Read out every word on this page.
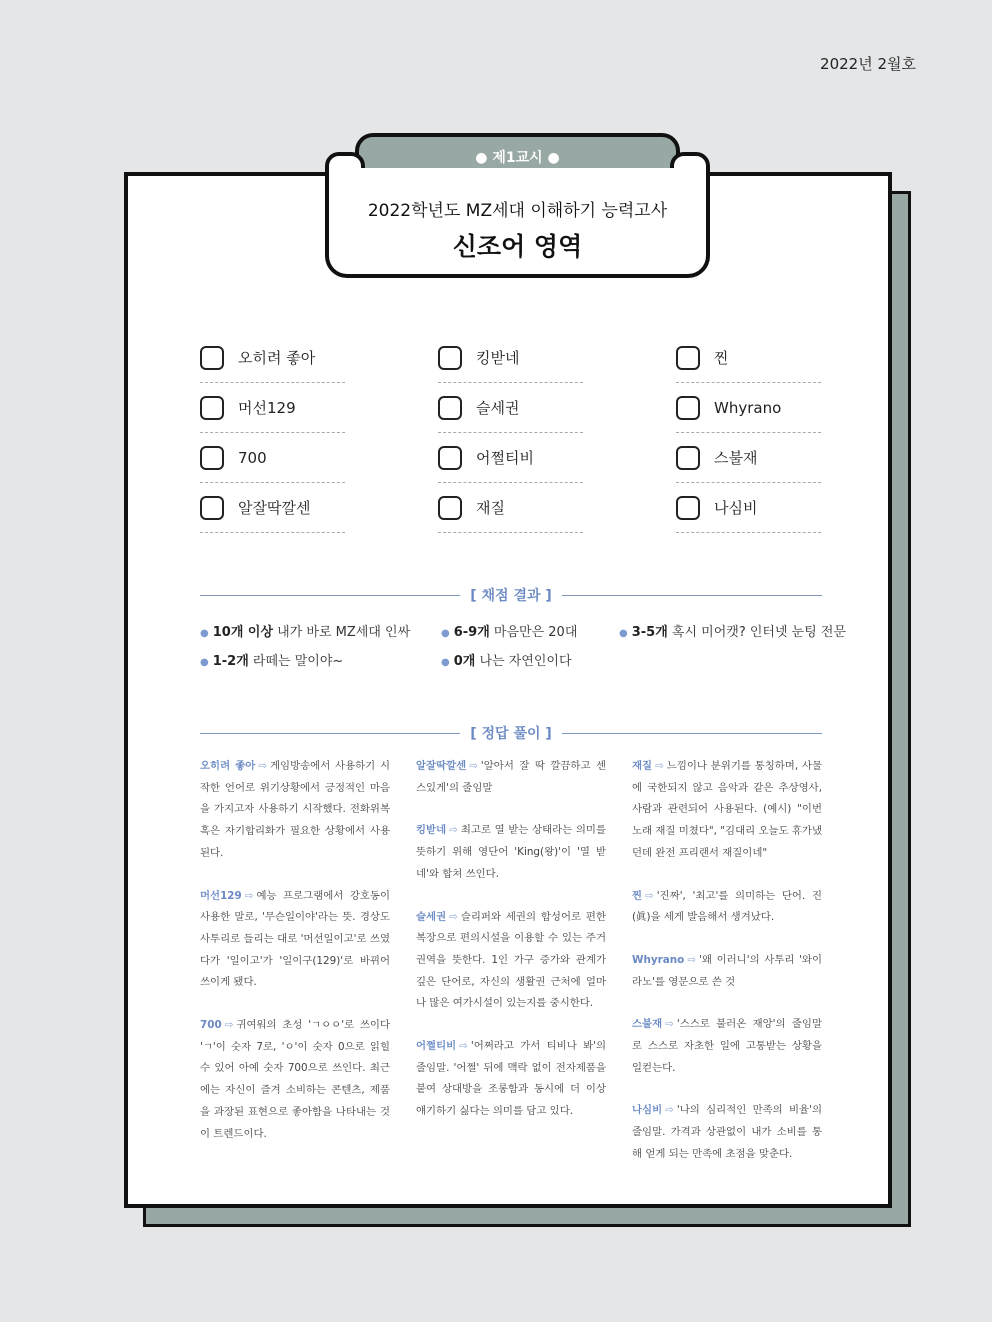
2022년 2월호
● 제1교시 ●
2022학년도 MZ세대 이해하기 능력고사
신조어 영역
오히려 좋아	킹받네	찐
머선129	슬세권	Whyrano
700	어쩔티비	스불재
알잘딱깔센	재질	나심비
[ 채점 결과 ]
● 10개 이상 내가 바로 MZ세대 인싸	● 6-9개 마음만은 20대	● 3-5개 혹시 미어캣? 인터넷 눈팅 전문
● 1-2개 라떼는 말이야~	● 0개 나는 자연인이다
[ 정답 풀이 ]

오히려 좋아 ⇨ 게임방송에서 사용하기 시작한 언어로 위기상황에서 긍정적인 마음을 가지고자 사용하기 시작했다. 전화위복 혹은 자기합리화가 필요한 상황에서 사용된다.

머선129 ⇨ 예능 프로그램에서 강호동이 사용한 말로, '무슨일이야'라는 뜻. 경상도 사투리로 들리는 대로 '머선일이고'로 쓰였다가 '일이고'가 '일이구(129)'로 바뀌어 쓰이게 됐다.

700 ⇨ 귀여워의 초성 'ㄱㅇㅇ'로 쓰이다 'ㄱ'이 숫자 7로, 'ㅇ'이 숫자 0으로 읽힐 수 있어 아예 숫자 700으로 쓰인다. 최근에는 자신이 즐겨 소비하는 콘텐츠, 제품을 과장된 표현으로 좋아함을 나타내는 것이 트렌드이다.

알잘딱깔센 ⇨ '알아서 잘 딱 깔끔하고 센스있게'의 줄임말

킹받네 ⇨ 최고로 열 받는 상태라는 의미를 뜻하기 위해 영단어 'King(왕)'이 '열 받네'와 합쳐 쓰인다.

슬세권 ⇨ 슬리퍼와 세권의 합성어로 편한 복장으로 편의시설을 이용할 수 있는 주거권역을 뜻한다. 1인 가구 증가와 관계가 깊은 단어로, 자신의 생활권 근처에 얼마나 많은 여가시설이 있는지를 중시한다.

어쩔티비 ⇨ '어쩌라고 가서 티비나 봐'의 줄임말. '어쩔' 뒤에 맥락 없이 전자제품을 붙여 상대방을 조롱함과 동시에 더 이상 얘기하기 싫다는 의미를 담고 있다.

재질 ⇨ 느낌이나 분위기를 통칭하며, 사물에 국한되지 않고 음악과 같은 추상영사, 사람과 관련되어 사용된다. (예시) "이번 노래 재질 미쳤다", "김대리 오늘도 휴가냈던데 완전 프리랜서 재질이네"

찐 ⇨ '진짜', '최고'를 의미하는 단어. 진(眞)을 세게 발음해서 생겨났다.

Whyrano ⇨ '왜 이러니'의 사투리 '와이라노'를 영문으로 쓴 것

스불재 ⇨ '스스로 불러온 재앙'의 줄임말로 스스로 자초한 일에 고통받는 상황을 일컫는다.

나심비 ⇨ '나의 심리적인 만족의 비율'의 줄임말. 가격과 상관없이 내가 소비를 통해 얻게 되는 만족에 초점을 맞춘다.
